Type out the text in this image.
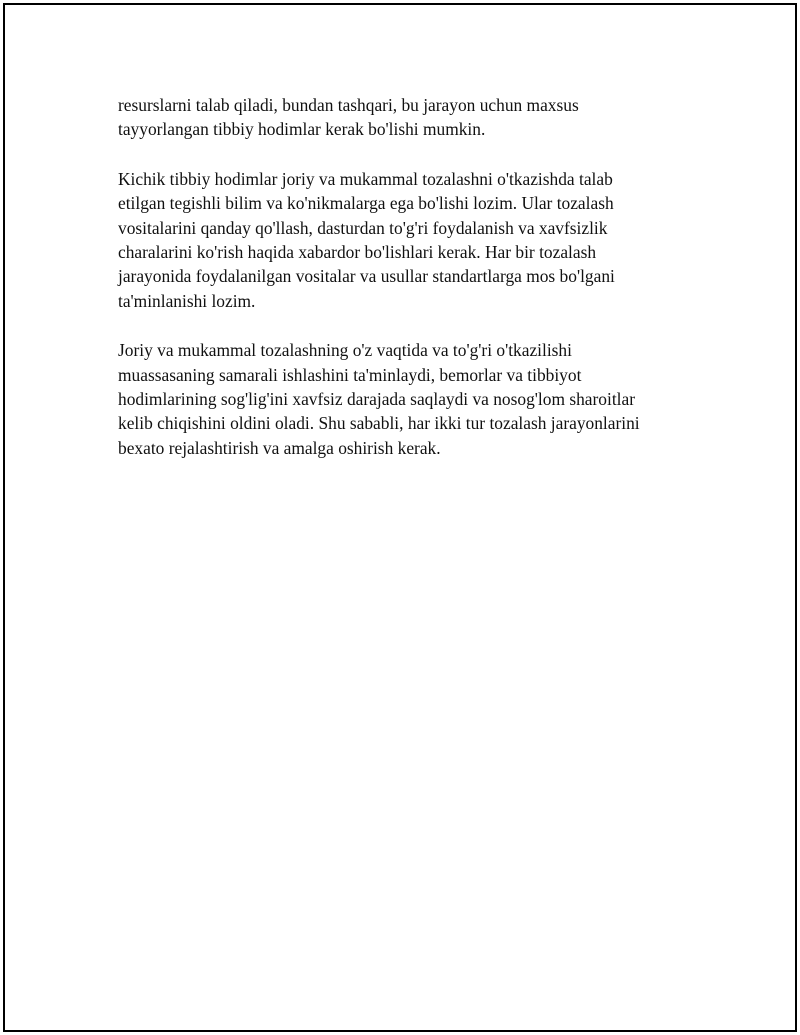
resurslarni talab qiladi, bundan tashqari, bu jarayon uchun maxsus
tayyorlangan tibbiy hodimlar kerak bo'lishi mumkin.

Kichik tibbiy hodimlar joriy va mukammal tozalashni o'tkazishda talab
etilgan tegishli bilim va ko'nikmalarga ega bo'lishi lozim. Ular tozalash
vositalarini qanday qo'llash, dasturdan to'g'ri foydalanish va xavfsizlik
charalarini ko'rish haqida xabardor bo'lishlari kerak. Har bir tozalash
jarayonida foydalanilgan vositalar va usullar standartlarga mos bo'lgani
ta'minlanishi lozim.

Joriy va mukammal tozalashning o'z vaqtida va to'g'ri o'tkazilishi
muassasaning samarali ishlashini ta'minlaydi, bemorlar va tibbiyot
hodimlarining sog'lig'ini xavfsiz darajada saqlaydi va nosog'lom sharoitlar
kelib chiqishini oldini oladi. Shu sababli, har ikki tur tozalash jarayonlarini
bexato rejalashtirish va amalga oshirish kerak.
